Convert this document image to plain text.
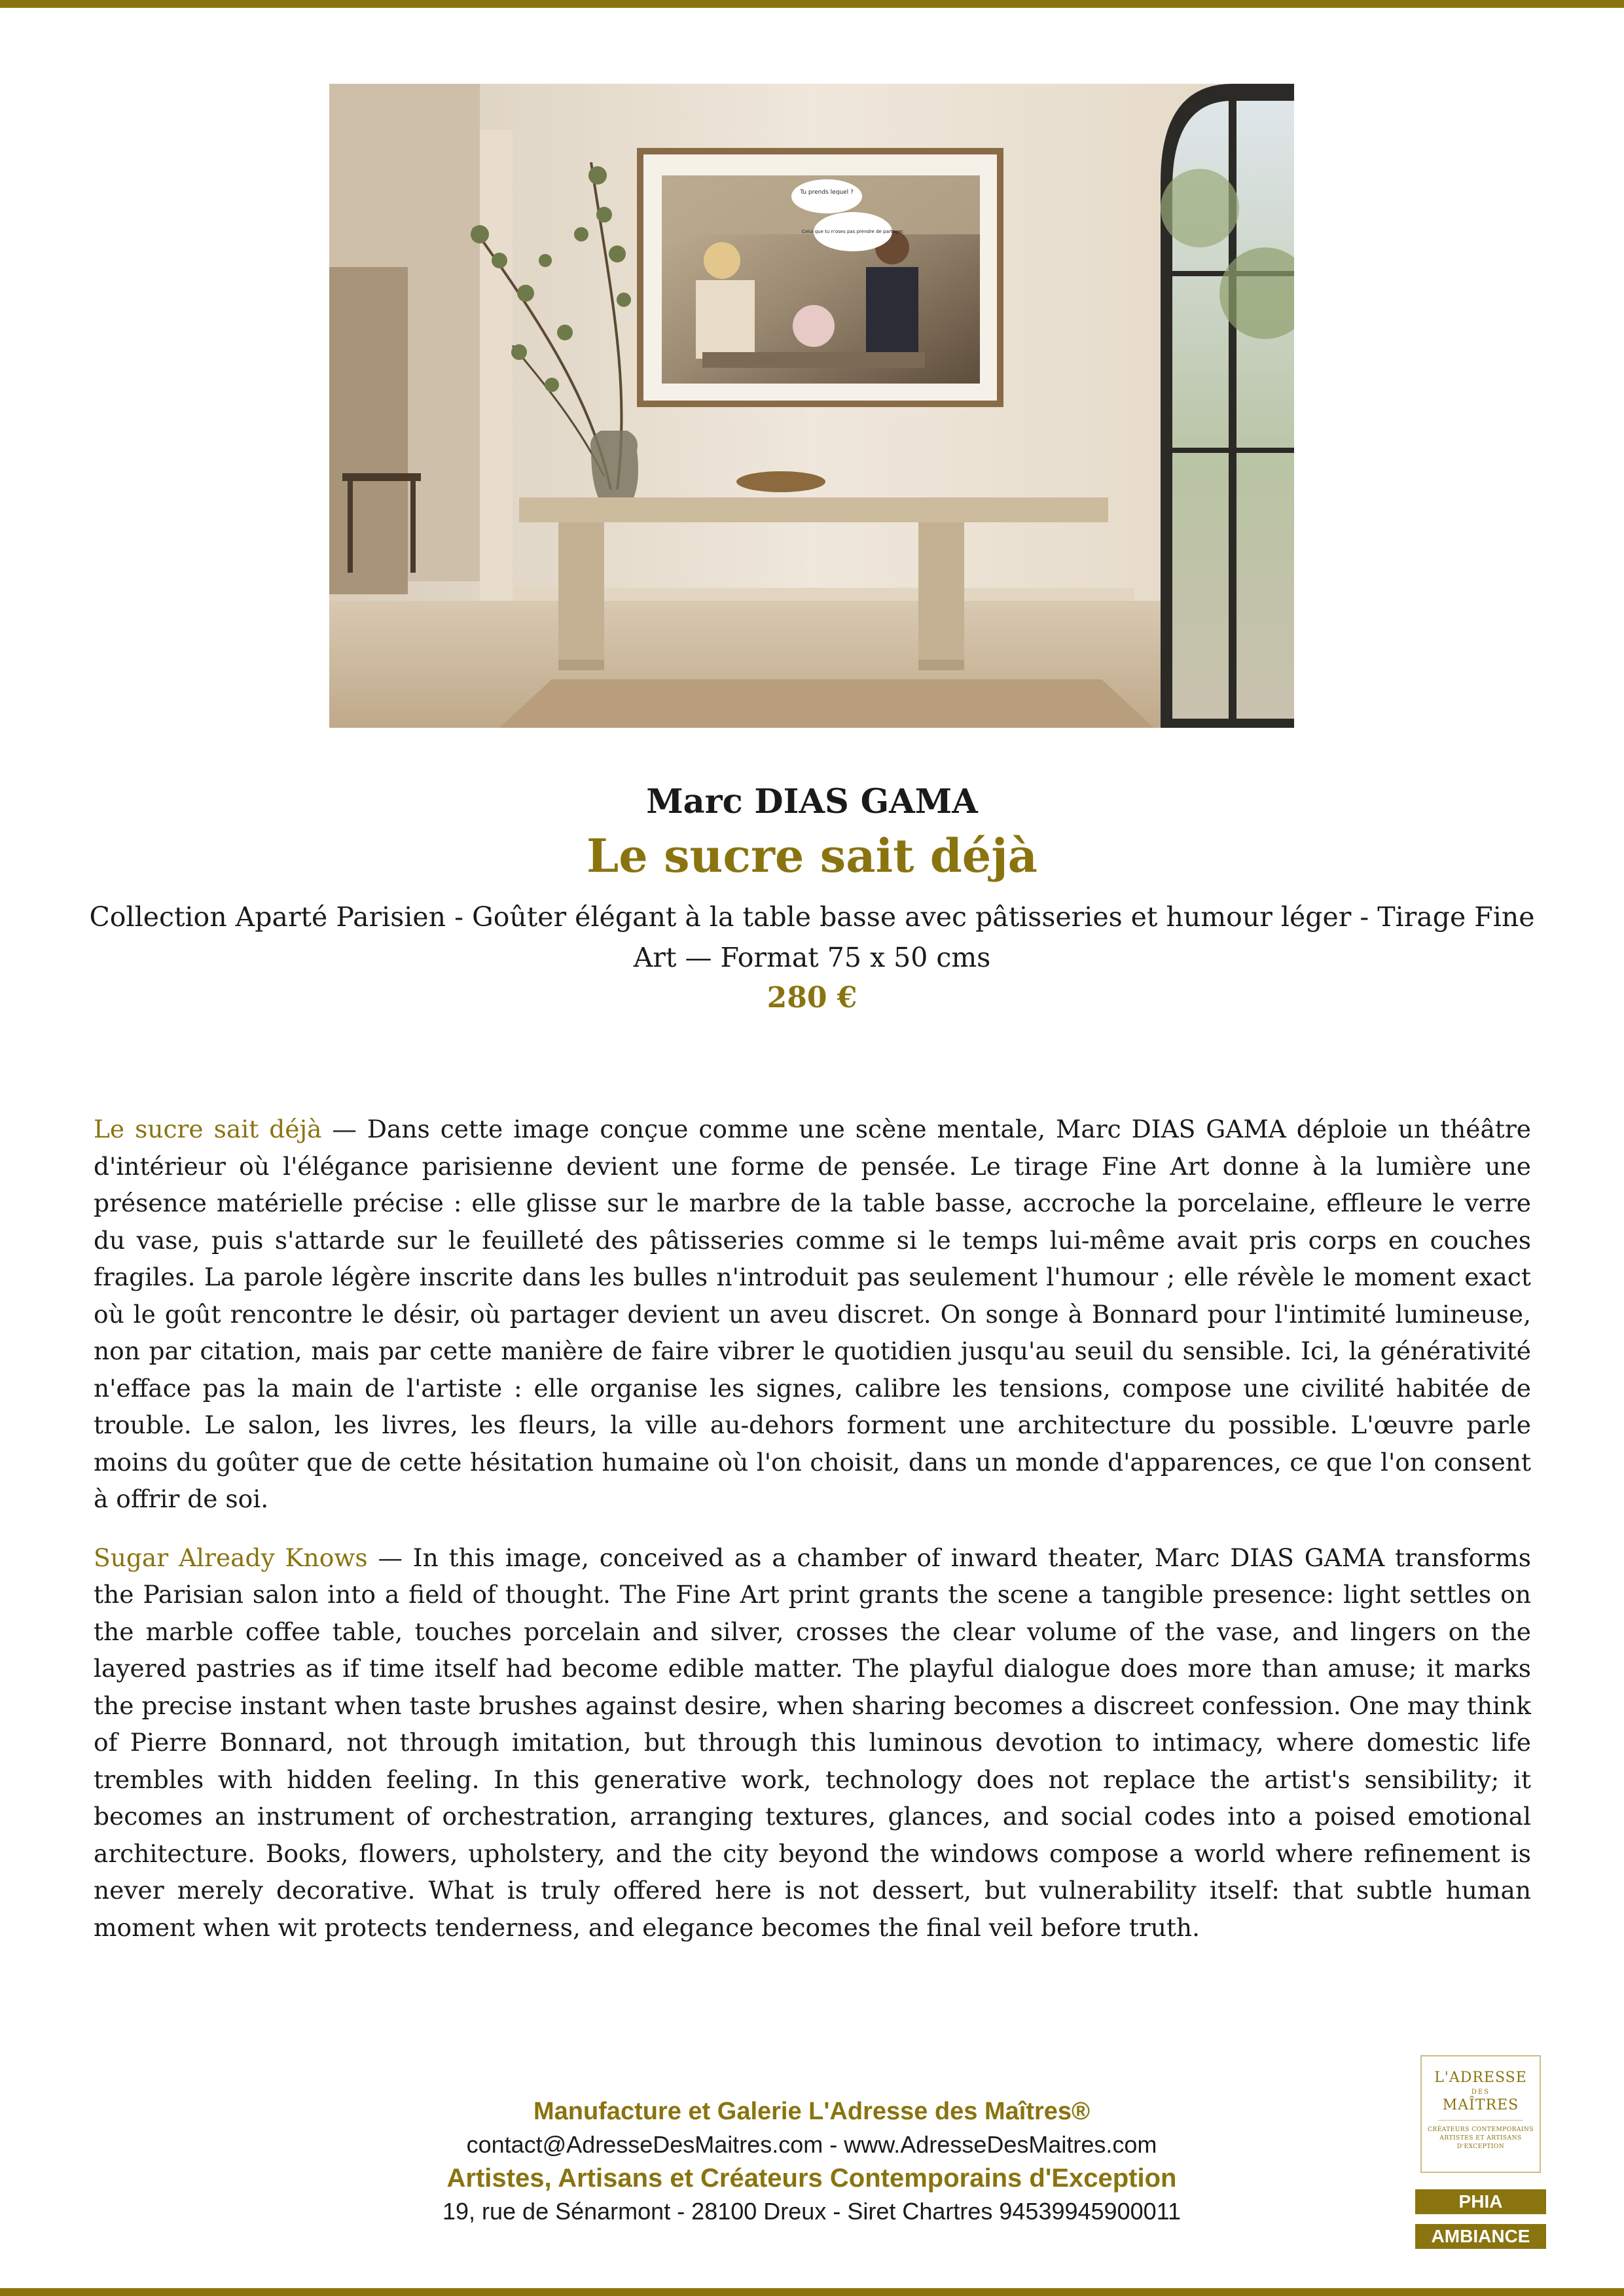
Tu prends lequel ?
Celui que tu n'oses pas prendre de partager.

Marc DIAS GAMA

Le sucre sait déjà

Collection Aparté Parisien - Goûter élégant à la table basse avec pâtisseries et humour léger - Tirage Fine Art — Format 75 x 50 cms

280 €

Le sucre sait déjà — Dans cette image conçue comme une scène mentale, Marc DIAS GAMA déploie un théâtre d'intérieur où l'élégance parisienne devient une forme de pensée. Le tirage Fine Art donne à la lumière une présence matérielle précise : elle glisse sur le marbre de la table basse, accroche la porcelaine, effleure le verre du vase, puis s'attarde sur le feuilleté des pâtisseries comme si le temps lui-même avait pris corps en couches fragiles. La parole légère inscrite dans les bulles n'introduit pas seulement l'humour ; elle révèle le moment exact où le goût rencontre le désir, où partager devient un aveu discret. On songe à Bonnard pour l'intimité lumineuse, non par citation, mais par cette manière de faire vibrer le quotidien jusqu'au seuil du sensible. Ici, la générativité n'efface pas la main de l'artiste : elle organise les signes, calibre les tensions, compose une civilité habitée de trouble. Le salon, les livres, les fleurs, la ville au-dehors forment une architecture du possible. L'œuvre parle moins du goûter que de cette hésitation humaine où l'on choisit, dans un monde d'apparences, ce que l'on consent à offrir de soi.

Sugar Already Knows — In this image, conceived as a chamber of inward theater, Marc DIAS GAMA transforms the Parisian salon into a field of thought. The Fine Art print grants the scene a tangible presence: light settles on the marble coffee table, touches porcelain and silver, crosses the clear volume of the vase, and lingers on the layered pastries as if time itself had become edible matter. The playful dialogue does more than amuse; it marks the precise instant when taste brushes against desire, when sharing becomes a discreet confession. One may think of Pierre Bonnard, not through imitation, but through this luminous devotion to intimacy, where domestic life trembles with hidden feeling. In this generative work, technology does not replace the artist's sensibility; it becomes an instrument of orchestration, arranging textures, glances, and social codes into a poised emotional architecture. Books, flowers, upholstery, and the city beyond the windows compose a world where refinement is never merely decorative. What is truly offered here is not dessert, but vulnerability itself: that subtle human moment when wit protects tenderness, and elegance becomes the final veil before truth.

Manufacture et Galerie L'Adresse des Maîtres®
contact@AdresseDesMaitres.com - www.AdresseDesMaitres.com
Artistes, Artisans et Créateurs Contemporains d'Exception
19, rue de Sénarmont - 28100 Dreux - Siret Chartres 94539945900011
L'ADRESSE
DES
MAÎTRES
CRÉATEURS CONTEMPORAINS
ARTISTES ET ARTISANS
D'EXCEPTION
PHIA
AMBIANCE
